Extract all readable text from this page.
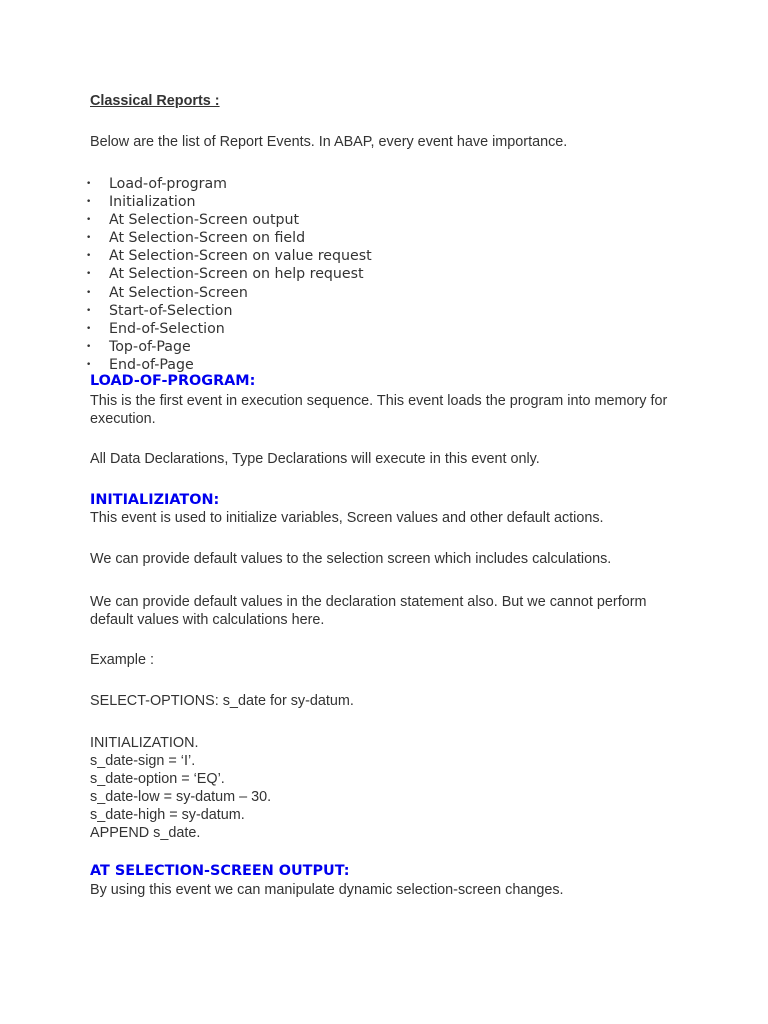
Classical Reports :
Below are the list of Report Events. In ABAP, every event have importance.
• Load-of-program
• Initialization
• At Selection-Screen output
• At Selection-Screen on field
• At Selection-Screen on value request
• At Selection-Screen on help request
• At Selection-Screen
• Start-of-Selection
• End-of-Selection
• Top-of-Page
• End-of-Page
LOAD-OF-PROGRAM:
This is the first event in execution sequence. This event loads the program into memory for execution.
All Data Declarations, Type Declarations will execute in this event only.
INITIALIZIATON:
This event is used to initialize variables, Screen values and other default actions.
We can provide default values to the selection screen which includes calculations.
We can provide default values in the declaration statement also. But we cannot perform default values with calculations here.
Example :
SELECT-OPTIONS: s_date for sy-datum.
INITIALIZATION.
s_date-sign = ‘I’.
s_date-option = ‘EQ’.
s_date-low = sy-datum – 30.
s_date-high = sy-datum.
APPEND s_date.
AT SELECTION-SCREEN OUTPUT:
By using this event we can manipulate dynamic selection-screen changes.
